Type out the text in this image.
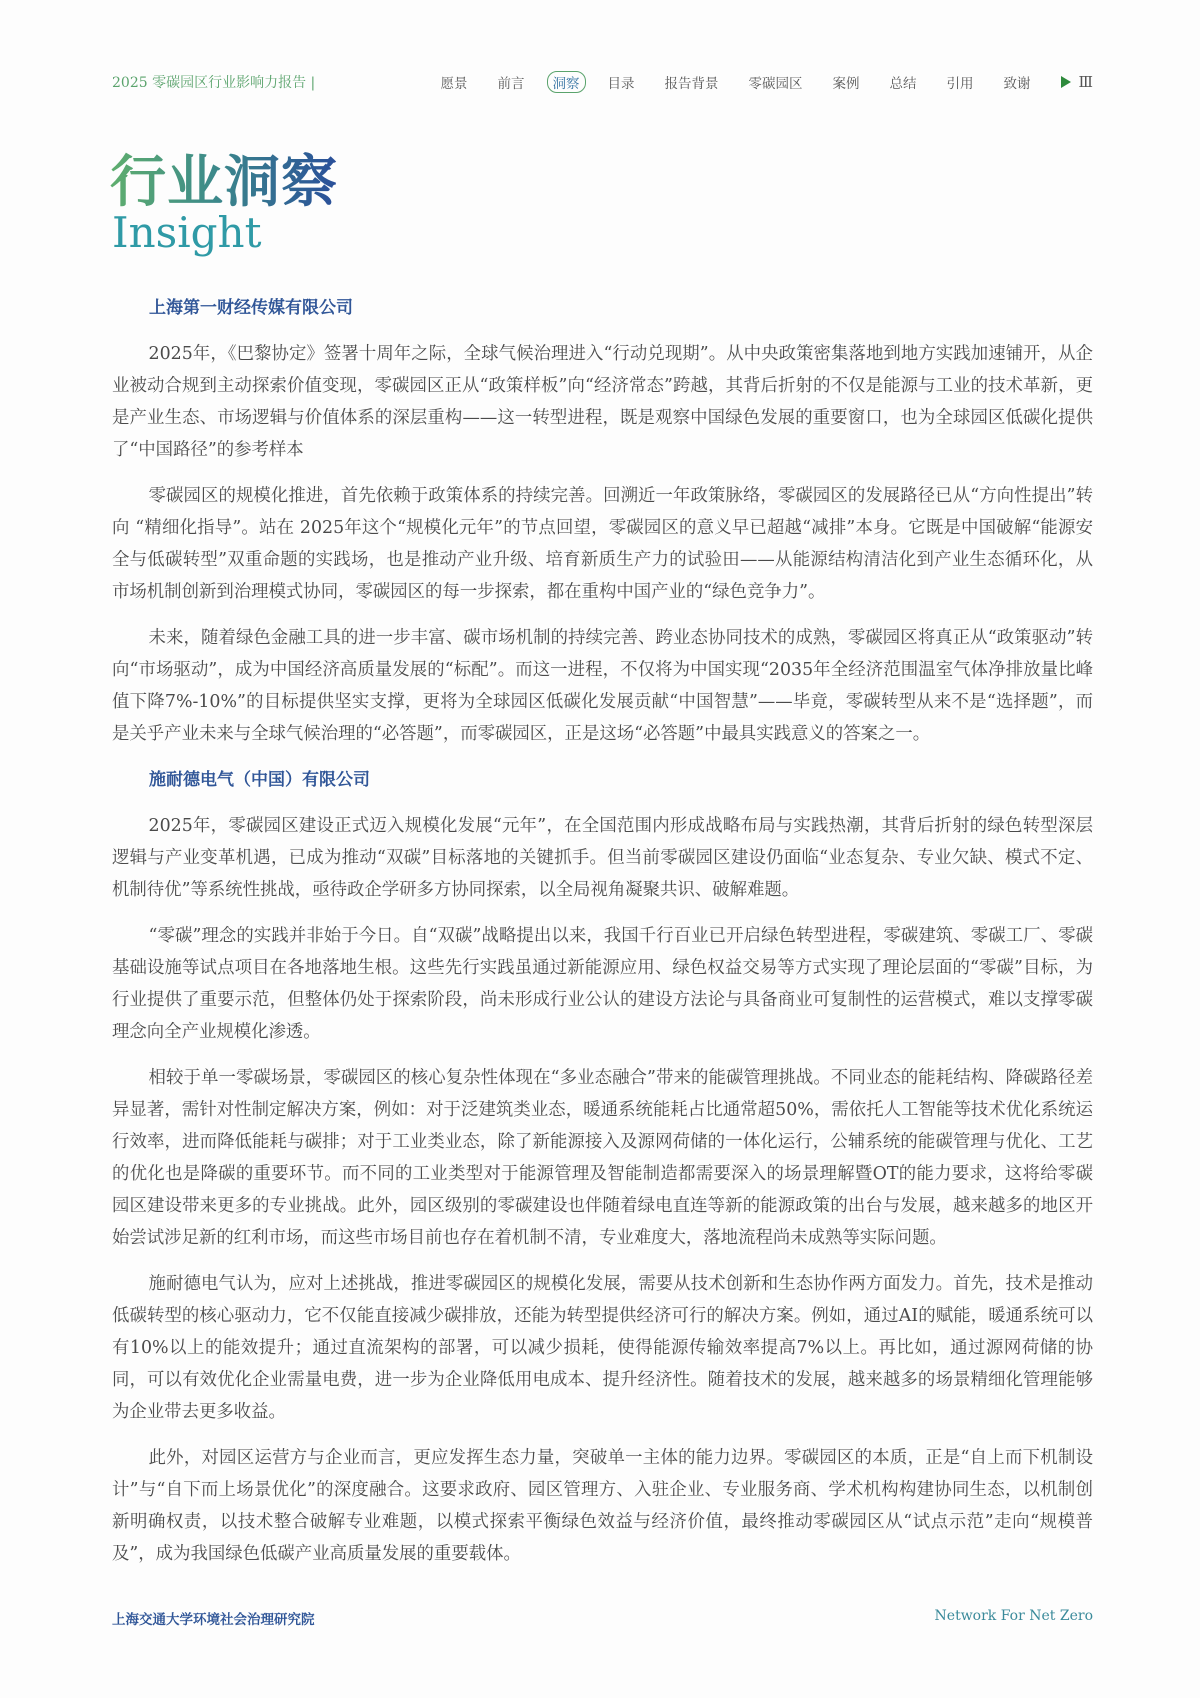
2025 零碳园区行业影响力报告 |	愿景 前言	洞察	目录 报告背景 零碳园区 案例 总结 引用 致谢	Ⅲ
行业洞察
Insight
上海第一财经传媒有限公司

2025年，《巴黎协定》签署十周年之际，全球气候治理进入“行动兑现期”。从中央政策密集落地到地方实践加速铺开，从企业被动合规到主动探索价值变现，零碳园区正从“政策样板”向“经济常态”跨越，其背后折射的不仅是能源与工业的技术革新，更是产业生态、市场逻辑与价值体系的深层重构——这一转型进程，既是观察中国绿色发展的重要窗口，也为全球园区低碳化提供了“中国路径”的参考样本

零碳园区的规模化推进，首先依赖于政策体系的持续完善。回溯近一年政策脉络，零碳园区的发展路径已从“方向性提出”转向 “精细化指导”。站在 2025年这个“规模化元年”的节点回望，零碳园区的意义早已超越“减排”本身。它既是中国破解“能源安全与低碳转型”双重命题的实践场，也是推动产业升级、培育新质生产力的试验田——从能源结构清洁化到产业生态循环化，从市场机制创新到治理模式协同，零碳园区的每一步探索，都在重构中国产业的“绿色竞争力”。

未来，随着绿色金融工具的进一步丰富、碳市场机制的持续完善、跨业态协同技术的成熟，零碳园区将真正从“政策驱动”转向“市场驱动”，成为中国经济高质量发展的“标配”。而这一进程，不仅将为中国实现“2035年全经济范围温室气体净排放量比峰值下降7%-10%”的目标提供坚实支撑，更将为全球园区低碳化发展贡献“中国智慧”——毕竟，零碳转型从来不是“选择题”，而是关乎产业未来与全球气候治理的“必答题”，而零碳园区，正是这场“必答题”中最具实践意义的答案之一。

施耐德电气（中国）有限公司

2025年，零碳园区建设正式迈入规模化发展“元年”，在全国范围内形成战略布局与实践热潮，其背后折射的绿色转型深层逻辑与产业变革机遇，已成为推动“双碳”目标落地的关键抓手。但当前零碳园区建设仍面临“业态复杂、专业欠缺、模式不定、机制待优”等系统性挑战，亟待政企学研多方协同探索，以全局视角凝聚共识、破解难题。

“零碳”理念的实践并非始于今日。自“双碳”战略提出以来，我国千行百业已开启绿色转型进程，零碳建筑、零碳工厂、零碳基础设施等试点项目在各地落地生根。这些先行实践虽通过新能源应用、绿色权益交易等方式实现了理论层面的“零碳”目标，为行业提供了重要示范，但整体仍处于探索阶段，尚未形成行业公认的建设方法论与具备商业可复制性的运营模式，难以支撑零碳理念向全产业规模化渗透。

相较于单一零碳场景，零碳园区的核心复杂性体现在“多业态融合”带来的能碳管理挑战。不同业态的能耗结构、降碳路径差异显著，需针对性制定解决方案，例如：对于泛建筑类业态，暖通系统能耗占比通常超50%，需依托人工智能等技术优化系统运行效率，进而降低能耗与碳排；对于工业类业态，除了新能源接入及源网荷储的一体化运行，公辅系统的能碳管理与优化、工艺的优化也是降碳的重要环节。而不同的工业类型对于能源管理及智能制造都需要深入的场景理解暨OT的能力要求，这将给零碳园区建设带来更多的专业挑战。此外，园区级别的零碳建设也伴随着绿电直连等新的能源政策的出台与发展，越来越多的地区开始尝试涉足新的红利市场，而这些市场目前也存在着机制不清，专业难度大，落地流程尚未成熟等实际问题。

施耐德电气认为，应对上述挑战，推进零碳园区的规模化发展，需要从技术创新和生态协作两方面发力。首先，技术是推动低碳转型的核心驱动力，它不仅能直接减少碳排放，还能为转型提供经济可行的解决方案。例如，通过AI的赋能，暖通系统可以有10%以上的能效提升；通过直流架构的部署，可以减少损耗，使得能源传输效率提高7%以上。再比如，通过源网荷储的协同，可以有效优化企业需量电费，进一步为企业降低用电成本、提升经济性。随着技术的发展，越来越多的场景精细化管理能够为企业带去更多收益。

此外，对园区运营方与企业而言，更应发挥生态力量，突破单一主体的能力边界。零碳园区的本质，正是“自上而下机制设计”与“自下而上场景优化”的深度融合。这要求政府、园区管理方、入驻企业、专业服务商、学术机构构建协同生态，以机制创新明确权责，以技术整合破解专业难题，以模式探索平衡绿色效益与经济价值，最终推动零碳园区从“试点示范”走向“规模普及”，成为我国绿色低碳产业高质量发展的重要载体。

上海交通大学环境社会治理研究院	Network For Net Zero
